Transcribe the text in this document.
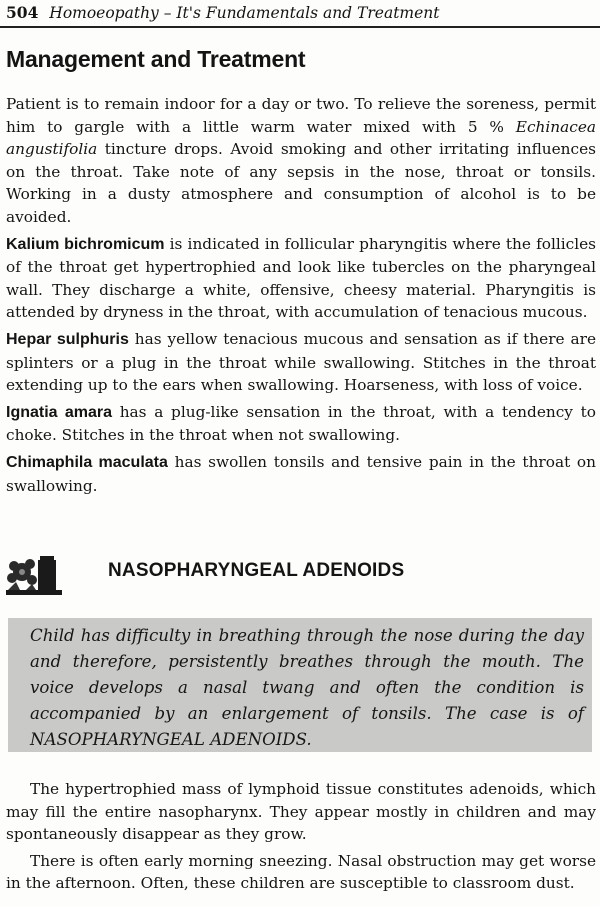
504 Homoeopathy – It's Fundamentals and Treatment
Management and Treatment

Patient is to remain indoor for a day or two. To relieve the soreness, permit him to gargle with a little warm water mixed with 5 % Echinacea angustifolia tincture drops. Avoid smoking and other irritating influences on the throat. Take note of any sepsis in the nose, throat or tonsils. Working in a dusty atmosphere and consumption of alcohol is to be avoided.

Kalium bichromicum is indicated in follicular pharyngitis where the follicles of the throat get hypertrophied and look like tubercles on the pharyngeal wall. They discharge a white, offensive, cheesy material. Pharyngitis is attended by dryness in the throat, with accumulation of tenacious mucous.

Hepar sulphuris has yellow tenacious mucous and sensation as if there are splinters or a plug in the throat while swallowing. Stitches in the throat extending up to the ears when swallowing. Hoarseness, with loss of voice.

Ignatia amara has a plug-like sensation in the throat, with a tendency to choke. Stitches in the throat when not swallowing.

Chimaphila maculata has swollen tonsils and tensive pain in the throat on swallowing.

NASOPHARYNGEAL ADENOIDS

Child has difficulty in breathing through the nose during the day and therefore, persistently breathes through the mouth. The voice develops a nasal twang and often the condition is accompanied by an enlargement of tonsils. The case is of NASOPHARYNGEAL ADENOIDS.

The hypertrophied mass of lymphoid tissue constitutes adenoids, which may fill the entire nasopharynx. They appear mostly in children and may spontaneously disappear as they grow.

There is often early morning sneezing. Nasal obstruction may get worse in the afternoon. Often, these children are susceptible to classroom dust.
